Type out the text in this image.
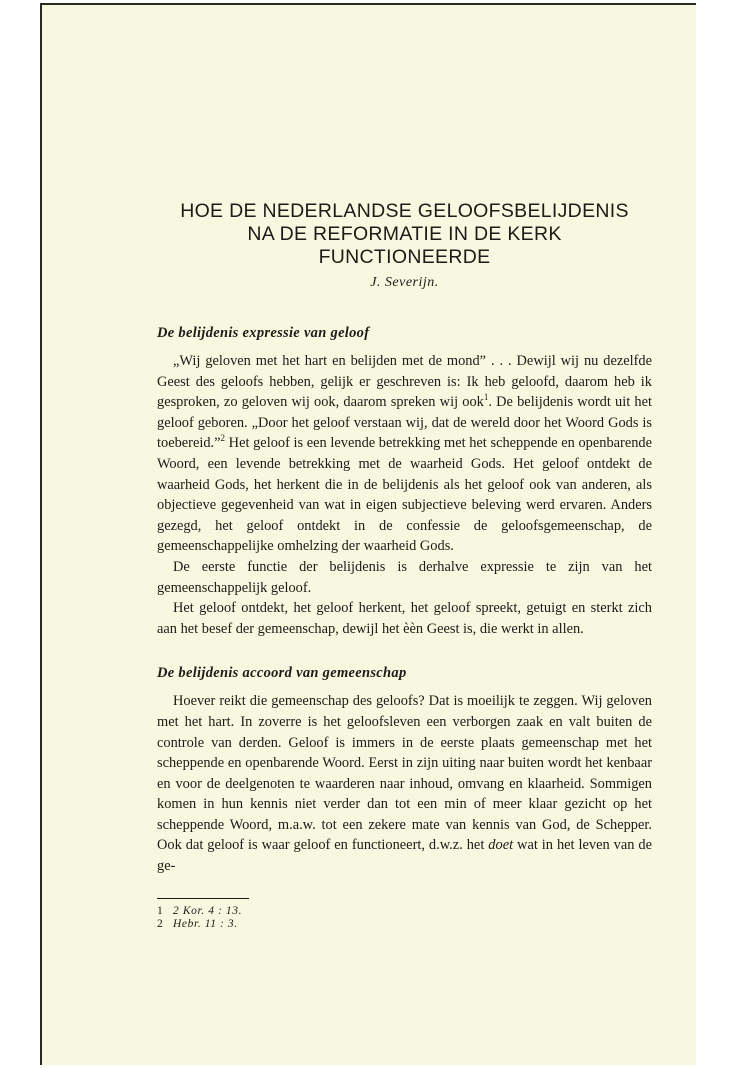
HOE DE NEDERLANDSE GELOOFSBELIJDENIS
NA DE REFORMATIE IN DE KERK
FUNCTIONEERDE
J. Severijn.
De belijdenis expressie van geloof

„Wij geloven met het hart en belijden met de mond” . . . Dewijl wij nu dezelfde Geest des geloofs hebben, gelijk er geschreven is: Ik heb geloofd, daarom heb ik gesproken, zo geloven wij ook, daarom spreken wij ook$^1$. De belijdenis wordt uit het geloof geboren. „Door het geloof verstaan wij, dat de wereld door het Woord Gods is toebereid.”$^2$ Het geloof is een levende betrekking met het scheppende en openbarende Woord, een levende betrekking met de waarheid Gods. Het geloof ontdekt de waarheid Gods, het herkent die in de belijdenis als het geloof ook van anderen, als objectieve gegevenheid van wat in eigen subjectieve beleving werd ervaren. Anders gezegd, het geloof ontdekt in de confessie de geloofsgemeenschap, de gemeenschappelijke omhelzing der waarheid Gods.

De eerste functie der belijdenis is derhalve expressie te zijn van het gemeenschappelijk geloof.

Het geloof ontdekt, het geloof herkent, het geloof spreekt, getuigt en sterkt zich aan het besef der gemeenschap, dewijl het èèn Geest is, die werkt in allen.

De belijdenis accoord van gemeenschap

Hoever reikt die gemeenschap des geloofs? Dat is moeilijk te zeggen. Wij geloven met het hart. In zoverre is het geloofsleven een verborgen zaak en valt buiten de controle van derden. Geloof is immers in de eerste plaats gemeenschap met het scheppende en openbarende Woord. Eerst in zijn uiting naar buiten wordt het kenbaar en voor de deelgenoten te waarderen naar inhoud, omvang en klaarheid. Sommigen komen in hun kennis niet verder dan tot een min of meer klaar gezicht op het scheppende Woord, m.a.w. tot een zekere mate van kennis van God, de Schepper. Ook dat geloof is waar geloof en functioneert, d.w.z. het doet wat in het leven van de ge-

1 2 Kor. 4 : 13.
2 Hebr. 11 : 3.
